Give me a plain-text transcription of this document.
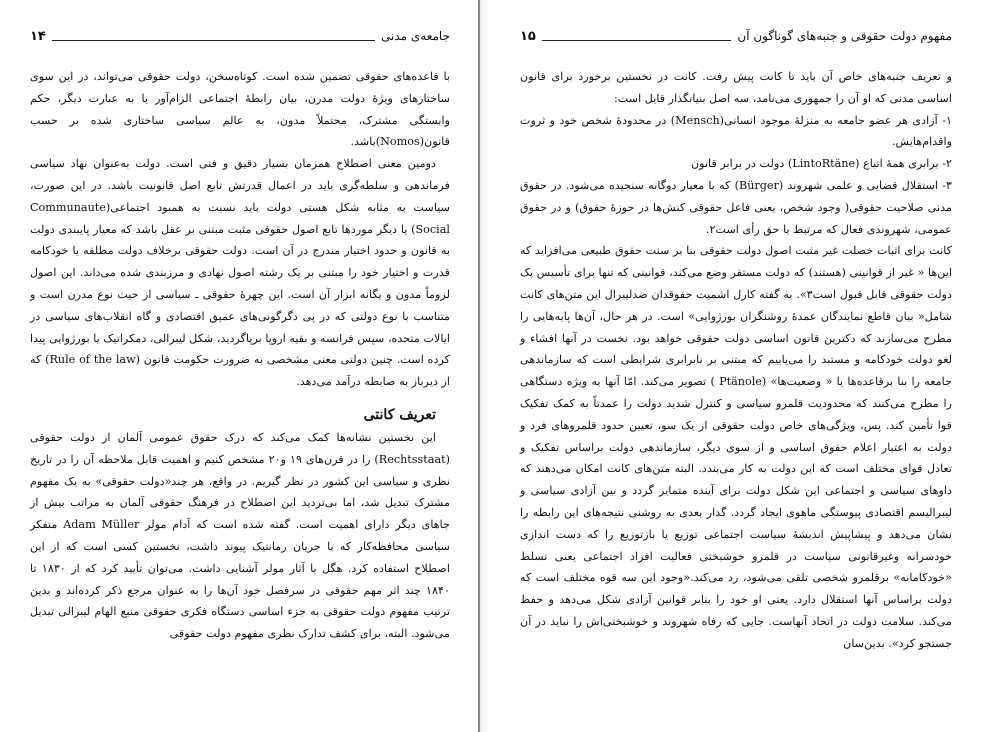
جامعه‌ی مدنی
۱۴

با قاعده‌های حقوقی تضمین شده است. کوتاه‌سخن، دولت حقوقی می‌تواند، در این سوی ساختارهای ویژهٔ دولت مدرن، بیان رابطهٔ اجتماعی الزام‌آور یا به عبارت دیگر، حکم وابستگی مشترک، محتملاً مدون، به عالم سیاسی ساختاری شده بر حسب قانون(Nomos)باشد.

دومین معنی اصطلاح همزمان بسیار دقیق و فنی است. دولت به‌عنوان نهاد سیاسی فرماندهی و سلطه‌گری باید در اعمال قدرتش تابع اصل قانونیت باشد. در این صورت، سیاست به مثابه شکل هستی دولت باید نسبت به همبود اجتماعی(Communaute Social) یا دیگر موردها تابع اصول حقوقی مثبت مبتنی بر عقل باشد که معیار پایبندی دولت به قانون و حدود اختیار مندرج در آن است. دولت حقوقی برخلاف دولت مطلقه یا خودکامه قدرت و اختیار خود را مبتنی بر یک رشته اصول نهادی و مرزبندی شده می‌داند. این اصول لزوماً مدون و یگانه ابزار آن است. این چهرهٔ حقوقی ـ سیاسی از حیث نوع مدرن است و متناسب با نوع دولتی که در پی دگرگونی‌های عمیق اقتصادی و گاه انقلاب‌های سیاسی در ایالات متحده، سپس فرانسه و بقیه اروپا برپاگردید، شکل لیبرالی، دمکراتیک یا بورژوایی پیدا کرده است. چنین دولتی معنی مشخصی به ضرورت حکومت قانون (Rule of the law) که از دیرباز به ضابطه درآمد می‌دهد.

تعریف کانتی

این نخستین نشانه‌ها کمک می‌کند که درک حقوق عمومی آلمان از دولت حقوقی (Rechtsstaat) را در قرن‌های ۱۹ و۲۰ مشخص کنیم و اهمیت قابل ملاحظه آن را در تاریخ نظری و سیاسی این کشور در نظر گیریم. در واقع، هر چند«دولت حقوقی» به یک مفهوم مشترک تبدیل شد، اما بی‌تردید این اصطلاح در فرهنگ حقوقی آلمان به مراتب بیش از جاهای دیگر دارای اهمیت است. گفته شده است که آدام مولر Adam Müller متفکر سیاسی محافظه‌کار که با جریان رمانتیک پیوند داشت، نخستین کسی است که از این اصطلاح استفاده کرد. هگل با آثار مولر آشنایی داشت. می‌توان تأیید کرد که از ۱۸۳۰ تا ۱۸۴۰ چند اثر مهم حقوقی در سرفصل خود آن‌ها را به عنوان مرجع ذکر کرده‌اند و بدین ترتیب مفهوم دولت حقوقی به جزء اساسی دستگاه فکری حقوقی منبع الهام لیبرالی تبدیل می‌شود. البته، برای کشف تدارک نظری مفهوم دولت حقوقی

مفهوم دولت حقوقی و جنبه‌های گوناگون آن
۱۵

و تعریف جنبه‌های خاص آن باید تا کانت پیش رفت. کانت در نخستین برخورد برای قانون اساسی مدنی که او آن را جمهوری می‌نامد، سه اصل بنیانگذار قایل است:

۱- آزادی هر عضو جامعه به منزلهٔ موجود انسانی(Mensch) در محدودهٔ شخص خود و ثروت واقدام‌هایش.

۲- برابری همهٔ اتباع (LintoRtäne) دولت در برابر قانون

۳- استقلال قضایی و علمی شهروند (Bürger) که با معیار دوگانه سنجیده می‌شود. در حقوق مدنی صلاحیت حقوقی( وجود شخص، یعنی فاعل حقوقی کنش‌ها در حوزهٔ حقوق) و در حقوق عمومی، شهروندی فعال که مرتبط با حق رأی است۲.

کانت برای اثبات خصلت غیر مثبت اصول دولت حقوقی بنا بر سنت حقوق طبیعی می‌افزاید که این‌ها « غیر از قوانینی (هستند) که دولت مستقر وضع می‌کند، قوانینی که تنها برای تأسیس یک دولت حقوقی قابل قبول است۳». به گفته کارل اشمیت حقوقدان ضدلیبرال این متن‌های کانت شامل« بیان قاطع نمایندگان عمدهٔ روشنگران بورژوایی» است. در هر حال، آن‌ها پایه‌هایی را مطرح می‌سازند که دکترین قانون اساسی دولت حقوقی خواهد بود. نخست در آنها افشاء و لغو دولت خودکامه و مستبد را می‌یابیم که مبتنی بر نابرابری شرایطی است که سازماندهی جامعه را بنا برقاعده‌ها یا « وضعیت‌ها» (Ptänole ) تصویر می‌کند. امّا آنها به ویژه دستگاهی را مطرح می‌کنند که محدودیت قلمرو سیاسی و کنترل شدید دولت را عمدتاً به کمک تفکیک قوا تأمین کند. پس، ویژگی‌های خاص دولت حقوقی از یک سو، تعیین حدود قلمروهای فرد و دولت به اعتبار اعلام حقوق اساسی و از سوی دیگر، سازماندهی دولت براساس تفکیک و تعادل قوای مختلف است که این دولت به کار می‌بندد. البته متن‌های کانت امکان می‌دهند که داوهای سیاسی و اجتماعی این شکل دولت برای آینده متمایز گردد و بین آزادی سیاسی و لیبرالیسم اقتصادی پیوستگی ماهوی ایجاد گردد. گذار بعدی به روشنی نتیجه‌های این رابطه را نشان می‌دهد و پیشاپیش اندیشهٔ سیاست اجتماعی توزیع یا بازتوزیع را که دست اندازی خودسرانه وغیرقانونی سیاست در قلمرو خوشبختی فعالیت افراد اجتماعی یعنی تسلط «خودکامانه» برقلمرو شخصی تلقی می‌شود، رد می‌کند.«وجود این سه قوه مختلف است که دولت براساس آنها استقلال دارد. یعنی او خود را بنابر قوانین آزادی شکل می‌دهد و حفظ می‌کند. سلامت دولت در اتحاد آنهاست. جایی که رفاه شهروند و خوشبختی‌اش را نباید در آن جستجو کرد». بدین‌سان
